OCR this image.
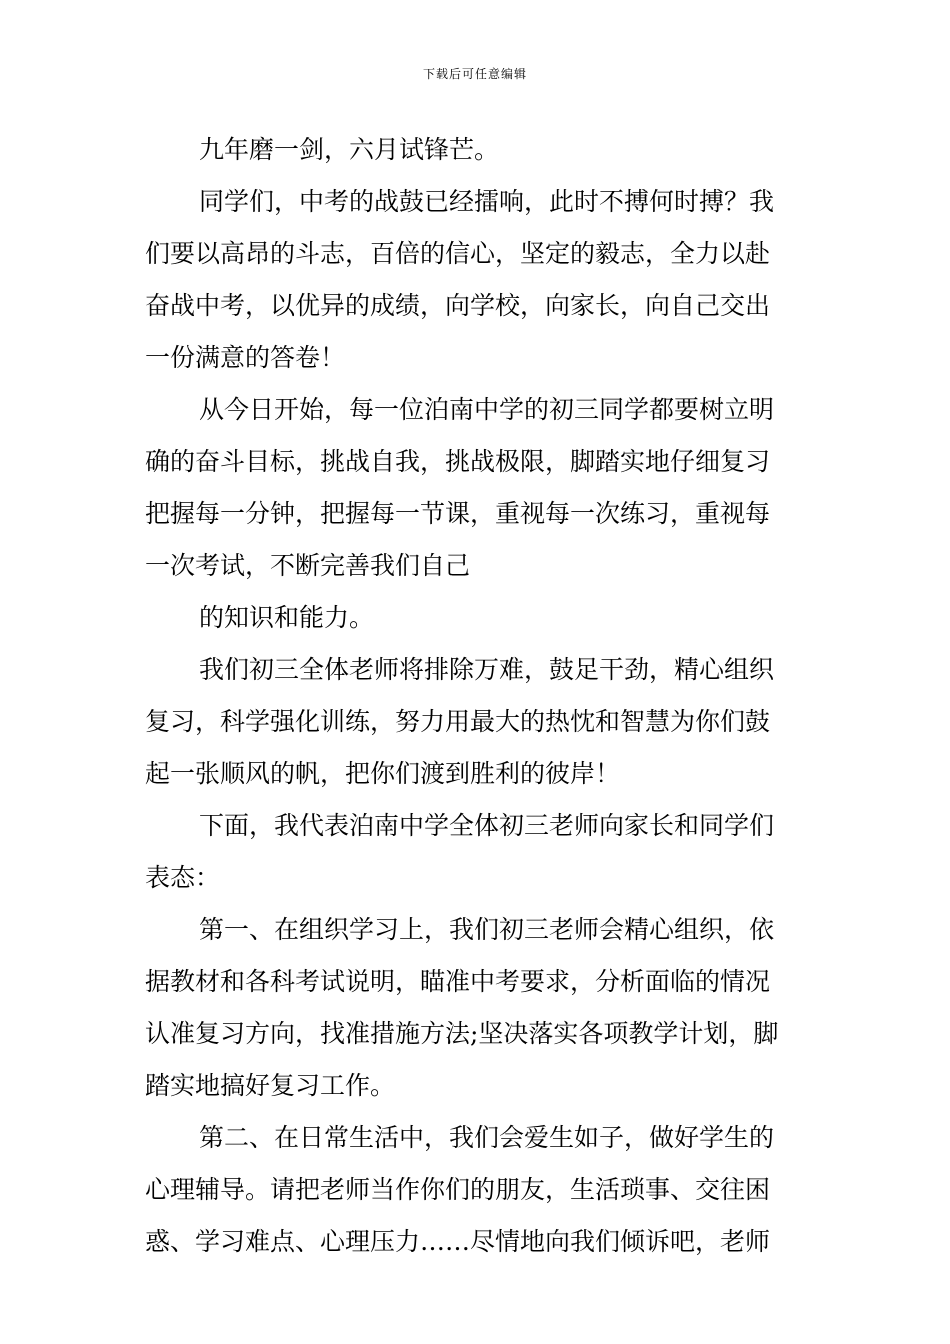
下载后可任意编辑
九年磨一剑，六月试锋芒。
同学们，中考的战鼓已经擂响，此时不搏何时搏？我
们要以高昂的斗志，百倍的信心，坚定的毅志，全力以赴
奋战中考，以优异的成绩，向学校，向家长，向自己交出
一份满意的答卷！
从今日开始，每一位泊南中学的初三同学都要树立明
确的奋斗目标，挑战自我，挑战极限，脚踏实地仔细复习
把握每一分钟，把握每一节课，重视每一次练习，重视每
一次考试，不断完善我们自己
的知识和能力。
我们初三全体老师将排除万难，鼓足干劲，精心组织
复习，科学强化训练，努力用最大的热忱和智慧为你们鼓
起一张顺风的帆，把你们渡到胜利的彼岸！
下面，我代表泊南中学全体初三老师向家长和同学们
表态：
第一、在组织学习上，我们初三老师会精心组织，依
据教材和各科考试说明，瞄准中考要求，分析面临的情况
认准复习方向，找准措施方法;坚决落实各项教学计划，脚
踏实地搞好复习工作。
第二、在日常生活中，我们会爱生如子，做好学生的
心理辅导。请把老师当作你们的朋友，生活琐事、交往困
惑、学习难点、心理压力……尽情地向我们倾诉吧，老师
